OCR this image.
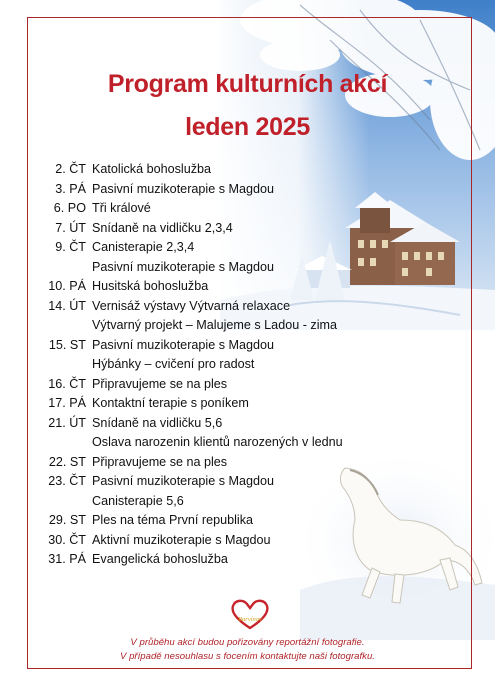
Program kulturních akcí
leden 2025
2. ČT Katolická bohoslužba
3. PÁ Pasivní muzikoterapie s Magdou
6. PO Tři králové
7. ÚT Snídaně na vidličku 2,3,4
9. ČT Canisterapie 2,3,4
Pasivní muzikoterapie s Magdou
10. PÁ Husitská bohoslužba
14. ÚT Vernisáž výstavy Výtvarná relaxace
Výtvarný projekt – Malujeme s Ladou - zima
15. ST Pasivní muzikoterapie s Magdou
Hýbánky – cvičení pro radost
16. ČT Připravujeme se na ples
17. PÁ Kontaktní terapie s poníkem
21. ÚT Snídaně na vidličku 5,6
Oslava narozenin klientů narozených v lednu
22. ST Připravujeme se na ples
23. ČT Pasivní muzikoterapie s Magdou
Canisterapie 5,6
29. ST Ples na téma První republika
30. ČT Aktivní muzikoterapie s Magdou
31. PÁ Evangelická bohoslužba
Barvínov
V průběhu akcí budou pořizovány reportážní fotografie.
V případě nesouhlasu s focením kontaktujte naši fotografku.
